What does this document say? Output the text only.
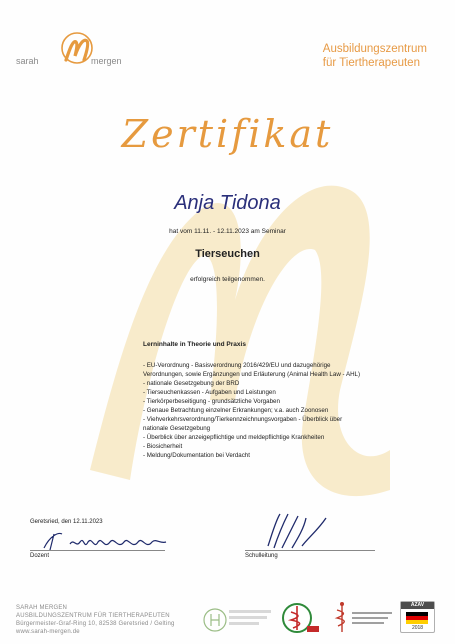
sarah	mergen
Ausbildungszentrum
für Tiertherapeuten
Zertifikat
Anja Tidona
hat vom 11.11. - 12.11.2023 am Seminar
Tierseuchen
erfolgreich teilgenommen.
Lerninhalte in Theorie und Praxis
- EU-Verordnung - Basisverordnung 2016/429/EU und dazugehörige
Verordnungen, sowie Ergänzungen und Erläuterung (Animal Health Law - AHL)
- nationale Gesetzgebung der BRD
- Tierseuchenkassen - Aufgaben und Leistungen
- Tierkörperbeseitigung - grundsätzliche Vorgaben
- Genaue Betrachtung einzelner Erkrankungen; v.a. auch Zoonosen
- Viehverkehrsverordnung/Tierkennzeichnungsvorgaben - Überblick über
nationale Gesetzgebung
- Überblick über anzeigepflichtige und meldepflichtige Krankheiten
- Biosicherheit
- Meldung/Dokumentation bei Verdacht
Geretsried, den 12.11.2023
Dozent	Schulleitung
SARAH MERGEN
AUSBILDUNGSZENTRUM FÜR TIERTHERAPEUTEN
Bürgermeister-Graf-Ring 10, 82538 Geretsried / Gelting
www.sarah-mergen.de
AZAV
2018
